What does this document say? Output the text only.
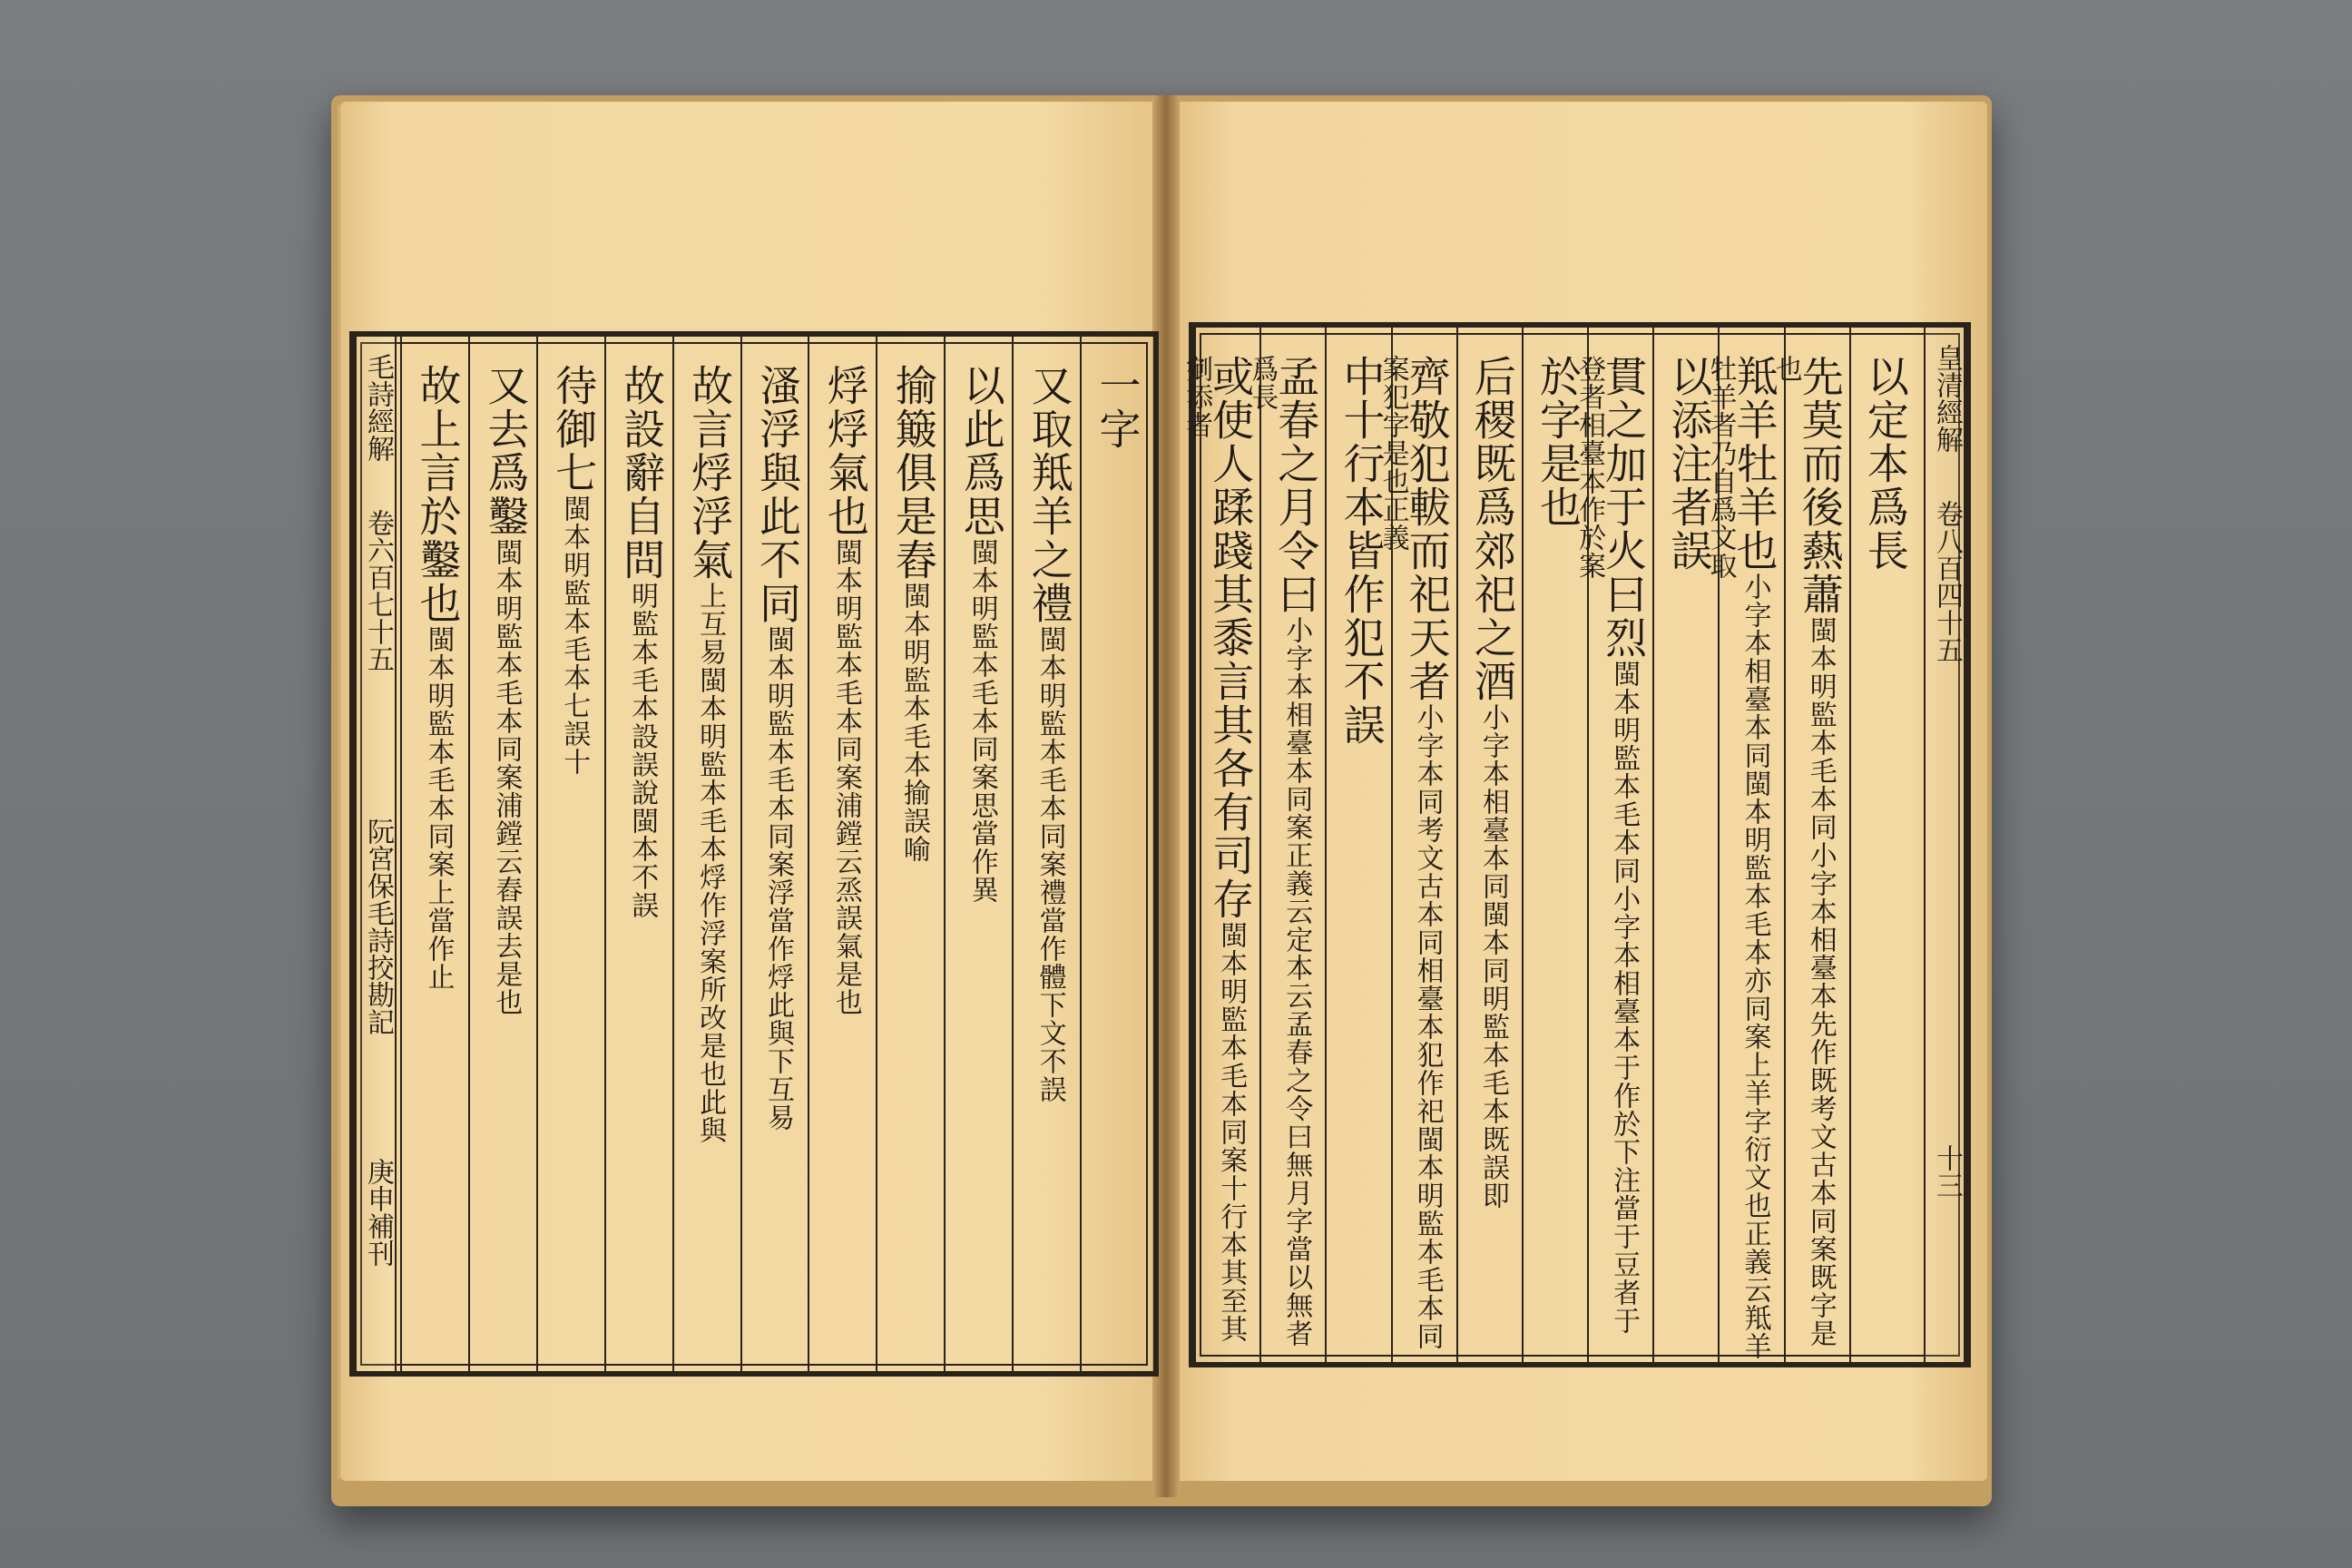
毛詩經解
卷六百七十五
阮宮保毛詩挍勘記
庚申補刊
一字
又取羝羊之禮閩本明監本毛本同案禮當作體下文不誤
以此爲思閩本明監本毛本同案思當作異
揄簸俱是舂閩本明監本毛本揄誤喻
烰烰氣也閩本明監本毛本同案浦鏜云烝誤氣是也
溞浮與此不同閩本明監本毛本同案浮當作烰此與下互易
故言烰浮氣上互易閩本明監本毛本烰作浮案所改是也此與
故設辭自問明監本毛本設誤說閩本不誤
待御七閩本明監本毛本七誤十
又去爲鑿閩本明監本毛本同案浦鏜云舂誤去是也
故上言於鑿也閩本明監本毛本同案上當作止
皇清經解
卷八百四十五
十三
以定本爲長
先莫而後爇蕭閩本明監本毛本同小字本相臺本先作既考文古本同案既字是也
羝羊牡羊也小字本相臺本同閩本明監本毛本亦同案上羊字衍文也正義云羝羊牡羊者乃自爲文取
以添注者誤
貫之加于火曰烈閩本明監本毛本同小字本相臺本于作於下注當于豆者于登者相臺本作於案
於字是也
后稷既爲郊祀之酒小字本相臺本同閩本同明監本毛本既誤即
齊敬犯軷而祀天者小字本同考文古本同相臺本犯作祀閩本明監本毛本同案犯字是也正義
中十行本皆作犯不誤
孟春之月令曰小字本相臺本同案正義云定本云孟春之令曰無月字當以無者爲長
或使人蹂踐其黍言其各有司存閩本明監本毛本同案十行本其至其剜添者
